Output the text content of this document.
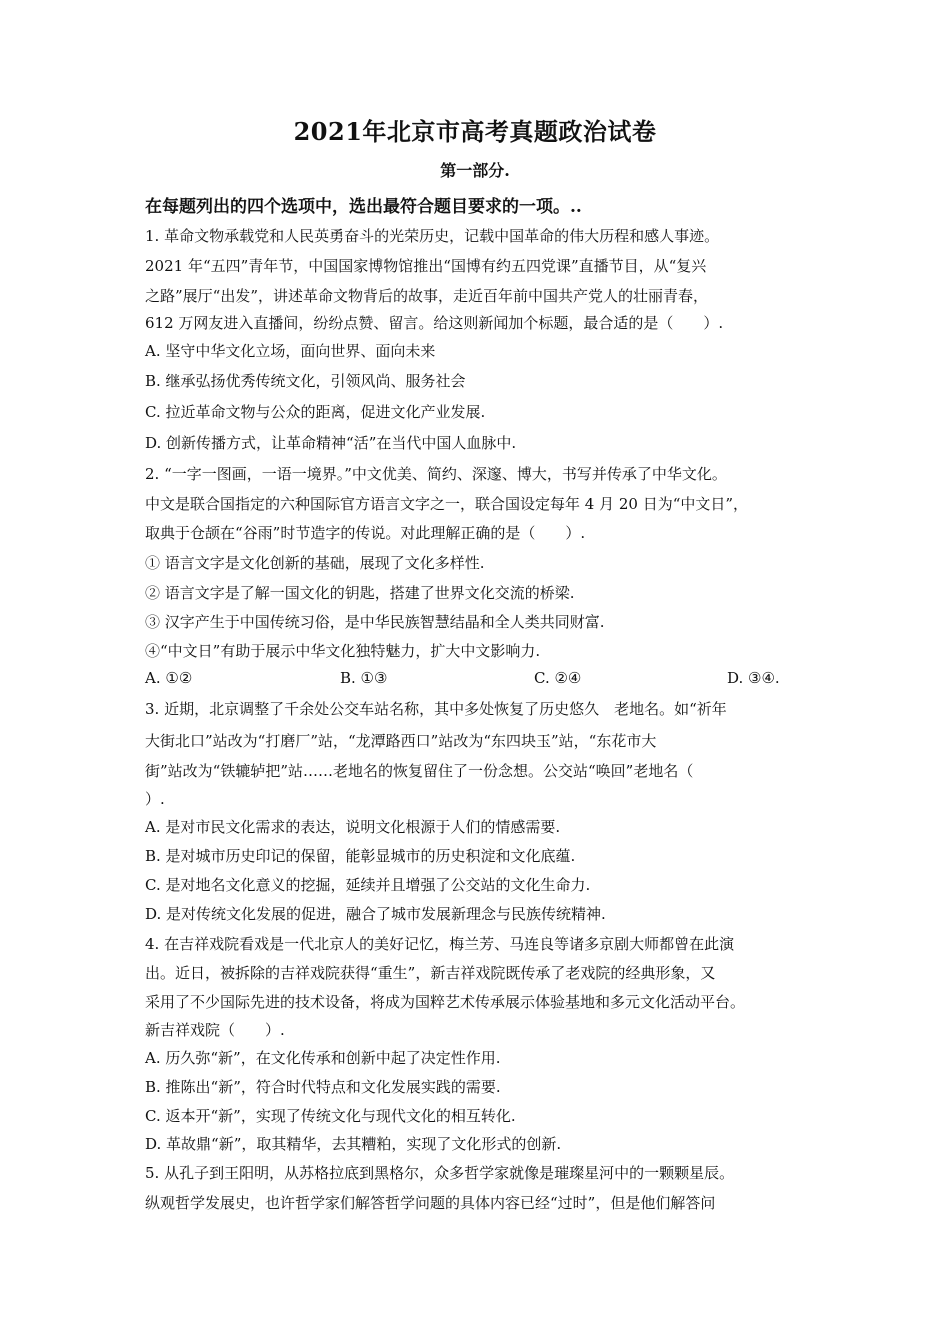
2021年北京市高考真题政治试卷
第一部分.
在每题列出的四个选项中，选出最符合题目要求的一项。..
1. 革命文物承载党和人民英勇奋斗的光荣历史，记载中国革命的伟大历程和感人事迹。
2021 年“五四”青年节，中国国家博物馆推出“国博有约五四党课”直播节目，从“复兴
之路”展厅“出发”，讲述革命文物背后的故事，走近百年前中国共产党人的壮丽青春，
612 万网友进入直播间，纷纷点赞、留言。给这则新闻加个标题，最合适的是（　　）.
A. 坚守中华文化立场，面向世界、面向未来
B. 继承弘扬优秀传统文化，引领风尚、服务社会
C. 拉近革命文物与公众的距离，促进文化产业发展.
D. 创新传播方式，让革命精神“活”在当代中国人血脉中.
2. “一字一图画，一语一境界。”中文优美、简约、深邃、博大，书写并传承了中华文化。
中文是联合国指定的六种国际官方语言文字之一，联合国设定每年 4 月 20 日为“中文日”，
取典于仓颉在“谷雨”时节造字的传说。对此理解正确的是（　　）.
① 语言文字是文化创新的基础，展现了文化多样性.
② 语言文字是了解一国文化的钥匙，搭建了世界文化交流的桥梁.
③ 汉字产生于中国传统习俗，是中华民族智慧结晶和全人类共同财富.
④“中文日”有助于展示中华文化独特魅力，扩大中文影响力.
A. ①②	B. ①③	C. ②④	D. ③④.
3. 近期，北京调整了千余处公交车站名称，其中多处恢复了历史悠久　老地名。如“祈年
大街北口”站改为“打磨厂”站，“龙潭路西口”站改为“东四块玉”站，“东花市大
街”站改为“铁辘轳把”站……老地名的恢复留住了一份念想。公交站“唤回”老地名（
）.
A. 是对市民文化需求的表达，说明文化根源于人们的情感需要.
B. 是对城市历史印记的保留，能彰显城市的历史积淀和文化底蕴.
C. 是对地名文化意义的挖掘，延续并且增强了公交站的文化生命力.
D. 是对传统文化发展的促进，融合了城市发展新理念与民族传统精神.
4. 在吉祥戏院看戏是一代北京人的美好记忆，梅兰芳、马连良等诸多京剧大师都曾在此演
出。近日，被拆除的吉祥戏院获得“重生”，新吉祥戏院既传承了老戏院的经典形象，又
采用了不少国际先进的技术设备，将成为国粹艺术传承展示体验基地和多元文化活动平台。
新吉祥戏院（　　）.
A. 历久弥“新”，在文化传承和创新中起了决定性作用.
B. 推陈出“新”，符合时代特点和文化发展实践的需要.
C. 返本开“新”，实现了传统文化与现代文化的相互转化.
D. 革故鼎“新”，取其精华，去其糟粕，实现了文化形式的创新.
5. 从孔子到王阳明，从苏格拉底到黑格尔，众多哲学家就像是璀璨星河中的一颗颗星辰。
纵观哲学发展史，也许哲学家们解答哲学问题的具体内容已经“过时”，但是他们解答问
